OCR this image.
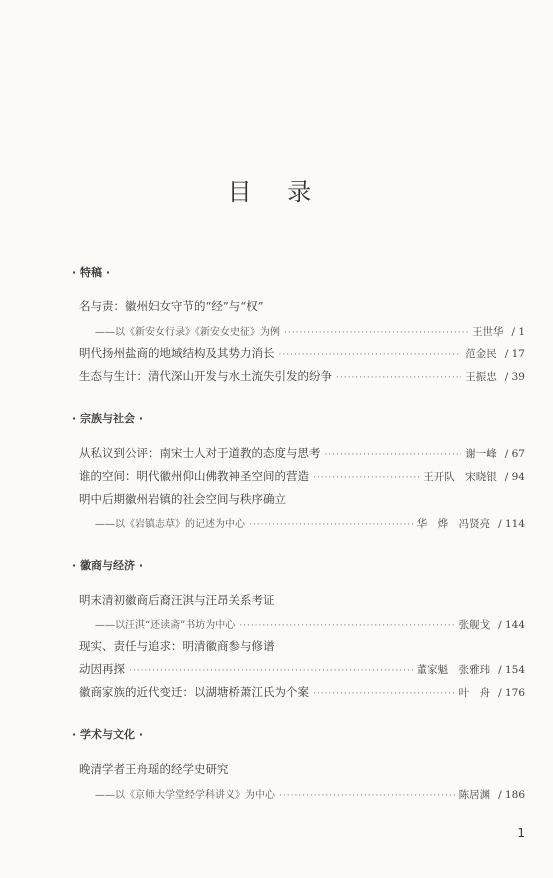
目 录
· 特稿 ·
名与责：徽州妇女守节的“经”与“权”
——以《新安女行录》《新安女史征》为例 ·····	王世华 / 1
明代扬州盐商的地域结构及其势力消长 ·····	范金民 / 17
生态与生计：清代深山开发与水土流失引发的纷争 ·····	王振忠 / 39
· 宗族与社会 ·
从私议到公评：南宋士人对于道教的态度与思考 ·····	谢一峰 / 67
谁的空间：明代徽州仰山佛教神圣空间的营造 ·····	王开队　宋晓银 / 94
明中后期徽州岩镇的社会空间与秩序确立
——以《岩镇志草》的记述为中心 ·····	华　烨　冯贤亮 / 114
· 徽商与经济 ·
明末清初徽商后裔汪淇与汪昂关系考证
——以汪淇“还读斋”书坊为中心 ·····	张舰戈 / 144
现实、责任与追求：明清徽商参与修谱
动因再探 ·····	董家魁　张雅玮 / 154
徽商家族的近代变迁：以湖塘桥萧江氏为个案 ·····	叶　舟 / 176
· 学术与文化 ·
晚清学者王舟瑶的经学史研究
——以《京师大学堂经学科讲义》为中心 ·····	陈居渊 / 186
1
